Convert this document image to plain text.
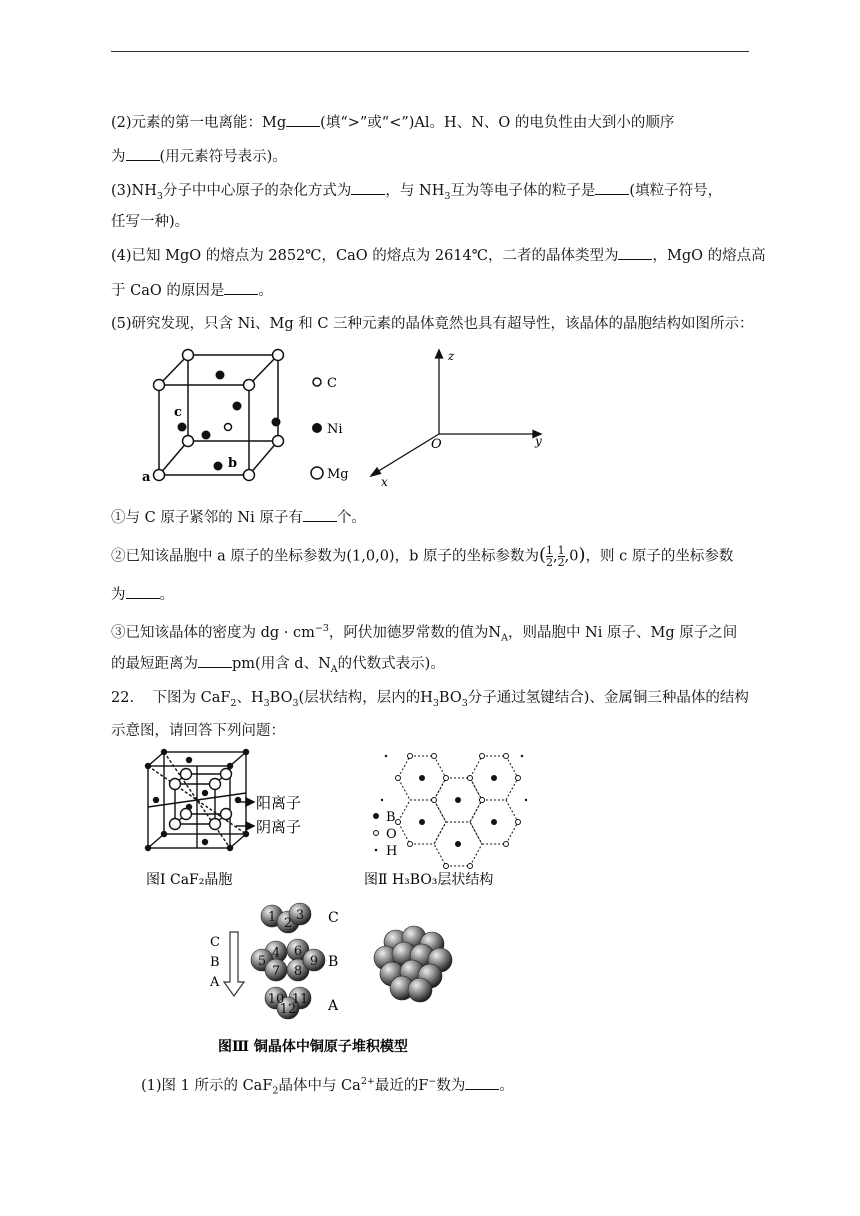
(2)元素的第一电离能：Mg (填“>”或“<”)Al。H、N、O 的电负性由大到小的顺序
为 (用元素符号表示)。
$(3)NH_3$分子中中心原子的杂化方式为 ，与 $NH_3$互为等电子体的粒子是 (填粒子符号，
任写一种)。
(4)已知 MgO 的熔点为 2852℃，CaO 的熔点为 2614℃，二者的晶体类型为 ，MgO 的熔点高
于 CaO 的原因是 。
(5)研究发现，只含 Ni、Mg 和 C 三种元素的晶体竟然也具有超导性，该晶体的晶胞结构如图所示：
c
b
a
C
Ni
Mg
z
y
x
O
①与 C 原子紧邻的 Ni 原子有 个。
②已知该晶胞中 a 原子的坐标参数为(1,0,0)，b 原子的坐标参数为( $\frac{1}{2}$ , $\frac{1}{2} ,0$)，则 c 原子的坐标参数
为 。
③已知该晶体的密度为 dg · $cm^{-3}$，阿伏加德罗常数的值为$N_A$，则晶胞中 Ni 原子、Mg 原子之间
的最短距离为 pm(用含 d、$N_A$的代数式表示)。
22. 下图为 CaF$_2$、$H_3BO_3$(层状结构，层内的$H_3BO_3$分子通过氢键结合)、金属铜三种晶体的结构
示意图，请回答下列问题：
阳离子
阴离子
图Ⅰ CaF₂晶胞
B
O
H
图Ⅱ H₃BO₃层状结构
C
B
A
1 2
3
4
5
6
7 8
9
10 11
12
C
B
A
图Ⅲ 铜晶体中铜原子堆积模型
(1)图 1 所示的 CaF$_2$晶体中与 $Ca^{2+}$最近的F−数为 。
